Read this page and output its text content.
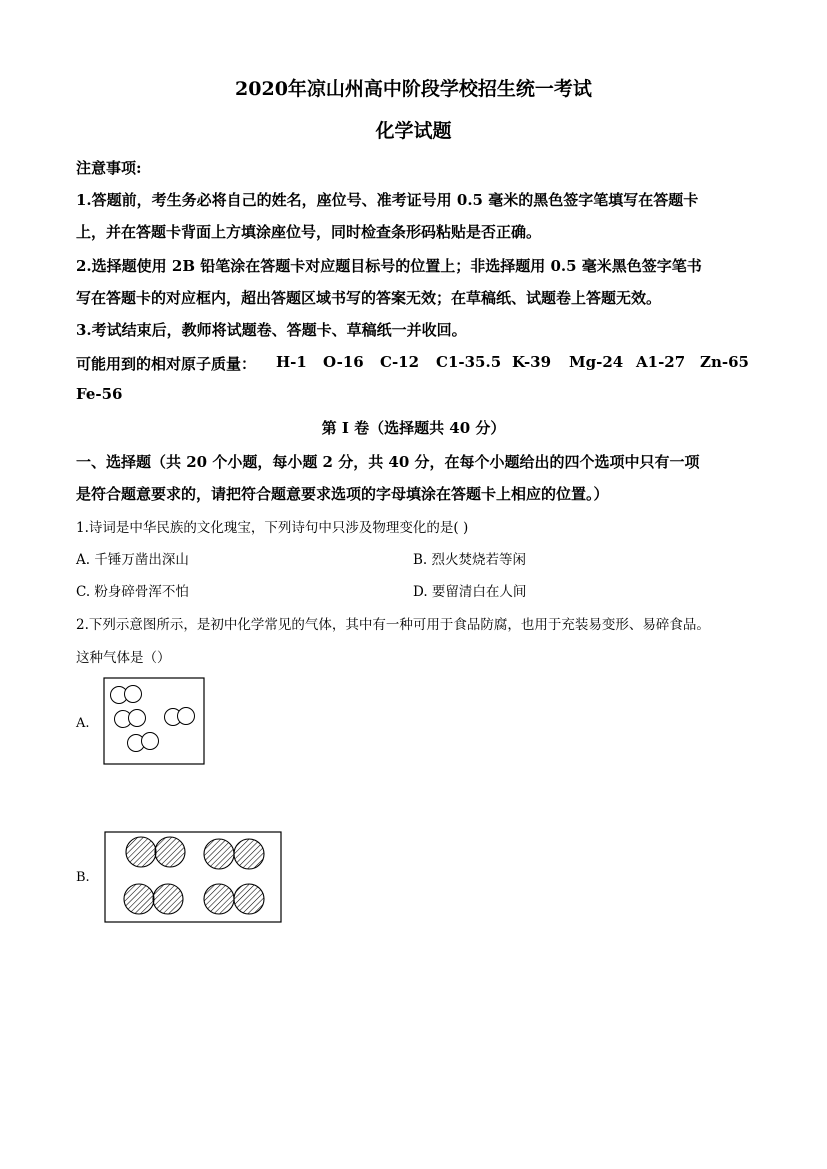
2020年凉山州高中阶段学校招生统一考试
化学试题
注意事项:
1.答题前，考生务必将自己的姓名，座位号、准考证号用 0.5 毫米的黑色签字笔填写在答题卡
上，并在答题卡背面上方填涂座位号，同时检查条形码粘贴是否正确。
2.选择题使用 2B 铅笔涂在答题卡对应题目标号的位置上；非选择题用 0.5 毫米黑色签字笔书
写在答题卡的对应框内，超出答题区域书写的答案无效；在草稿纸、试题卷上答题无效。
3.考试结束后，教师将试题卷、答题卡、草稿纸一并收回。
可能用到的相对原子质量： H-1 O-16 C-12 C1-35.5 K-39 Mg-24 A1-27 Zn-65
Fe-56
第 I 卷（选择题共 40 分）
一、选择题（共 20 个小题，每小题 2 分，共 40 分，在每个小题给出的四个选项中只有一项
是符合题意要求的，请把符合题意要求选项的字母填涂在答题卡上相应的位置。）
1.诗词是中华民族的文化瑰宝，下列诗句中只涉及物理变化的是( )
A. 千锤万凿出深山	B. 烈火焚烧若等闲
C. 粉身碎骨浑不怕	D. 要留清白在人间
2.下列示意图所示，是初中化学常见的气体，其中有一种可用于食品防腐，也用于充装易变形、易碎食品。
这种气体是（）
A.
B.
